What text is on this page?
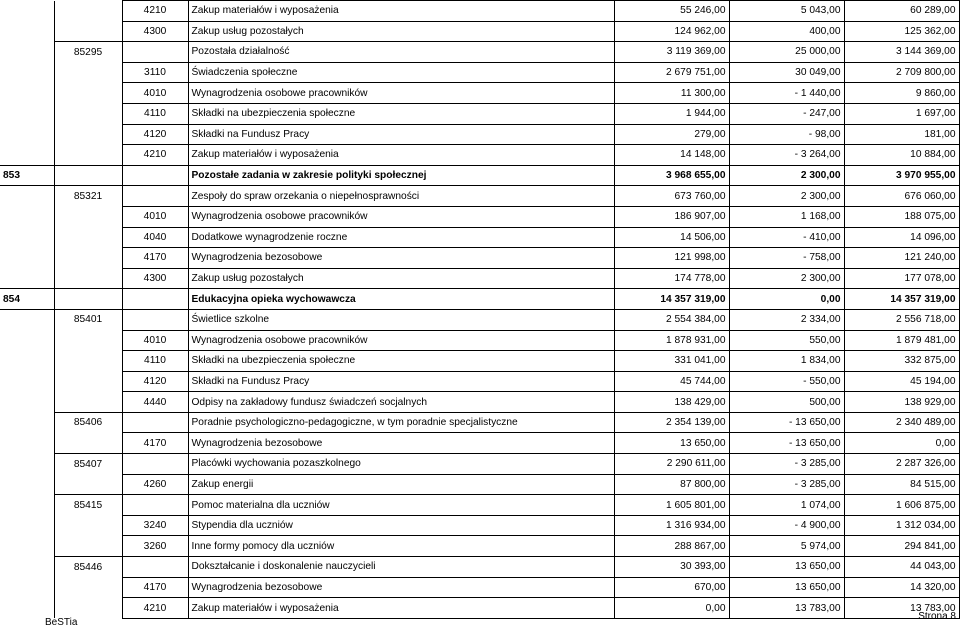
		4210	Zakup materiałów i wyposażenia	55 246,00	5 043,00	60 289,00
		4300	Zakup usług pozostałych	124 962,00	400,00	125 362,00
	85295		Pozostała działalność	3 119 369,00	25 000,00	3 144 369,00
		3110	Świadczenia społeczne	2 679 751,00	30 049,00	2 709 800,00
		4010	Wynagrodzenia osobowe pracowników	11 300,00	- 1 440,00	9 860,00
		4110	Składki na ubezpieczenia społeczne	1 944,00	- 247,00	1 697,00
		4120	Składki na Fundusz Pracy	279,00	- 98,00	181,00
		4210	Zakup materiałów i wyposażenia	14 148,00	- 3 264,00	10 884,00
853			Pozostałe zadania w zakresie polityki społecznej	3 968 655,00	2 300,00	3 970 955,00
	85321		Zespoły do spraw orzekania o niepełnosprawności	673 760,00	2 300,00	676 060,00
		4010	Wynagrodzenia osobowe pracowników	186 907,00	1 168,00	188 075,00
		4040	Dodatkowe wynagrodzenie roczne	14 506,00	- 410,00	14 096,00
		4170	Wynagrodzenia bezosobowe	121 998,00	- 758,00	121 240,00
		4300	Zakup usług pozostałych	174 778,00	2 300,00	177 078,00
854			Edukacyjna opieka wychowawcza	14 357 319,00	0,00	14 357 319,00
	85401		Świetlice szkolne	2 554 384,00	2 334,00	2 556 718,00
		4010	Wynagrodzenia osobowe pracowników	1 878 931,00	550,00	1 879 481,00
		4110	Składki na ubezpieczenia społeczne	331 041,00	1 834,00	332 875,00
		4120	Składki na Fundusz Pracy	45 744,00	- 550,00	45 194,00
		4440	Odpisy na zakładowy fundusz świadczeń socjalnych	138 429,00	500,00	138 929,00
	85406		Poradnie psychologiczno-pedagogiczne, w tym poradnie specjalistyczne	2 354 139,00	- 13 650,00	2 340 489,00
		4170	Wynagrodzenia bezosobowe	13 650,00	- 13 650,00	0,00
	85407		Placówki wychowania pozaszkolnego	2 290 611,00	- 3 285,00	2 287 326,00
		4260	Zakup energii	87 800,00	- 3 285,00	84 515,00
	85415		Pomoc materialna dla uczniów	1 605 801,00	1 074,00	1 606 875,00
		3240	Stypendia dla uczniów	1 316 934,00	- 4 900,00	1 312 034,00
		3260	Inne formy pomocy dla uczniów	288 867,00	5 974,00	294 841,00
	85446		Dokształcanie i doskonalenie nauczycieli	30 393,00	13 650,00	44 043,00
		4170	Wynagrodzenia bezosobowe	670,00	13 650,00	14 320,00
		4210	Zakup materiałów i wyposażenia	0,00	13 783,00	13 783,00
BeSTia
Strona 8
